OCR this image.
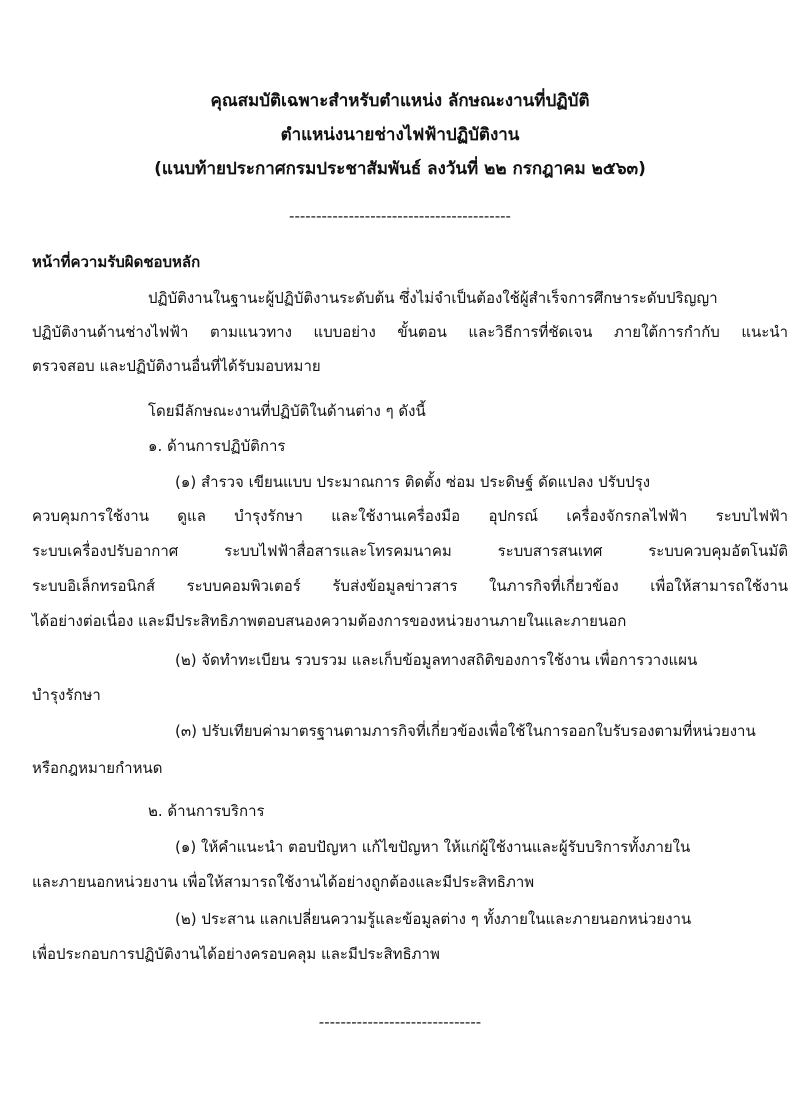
คุณสมบัติเฉพาะสำหรับตำแหน่ง ลักษณะงานที่ปฏิบัติ
ตำแหน่งนายช่างไฟฟ้าปฏิบัติงาน
(แนบท้ายประกาศกรมประชาสัมพันธ์ ลงวันที่ ๒๒ กรกฎาคม ๒๕๖๓)
-----------------------------------------
หน้าที่ความรับผิดชอบหลัก
ปฏิบัติงานในฐานะผู้ปฏิบัติงานระดับต้น ซึ่งไม่จำเป็นต้องใช้ผู้สำเร็จการศึกษาระดับปริญญา
ปฏิบัติงานด้านช่างไฟฟ้า ตามแนวทาง แบบอย่าง ขั้นตอน และวิธีการที่ชัดเจน ภายใต้การกำกับ แนะนำ
ตรวจสอบ และปฏิบัติงานอื่นที่ได้รับมอบหมาย
โดยมีลักษณะงานที่ปฏิบัติในด้านต่าง ๆ ดังนี้
๑. ด้านการปฏิบัติการ
(๑) สำรวจ เขียนแบบ ประมาณการ ติดตั้ง ซ่อม ประดิษฐ์ ดัดแปลง ปรับปรุง
ควบคุมการใช้งาน ดูแล บำรุงรักษา และใช้งานเครื่องมือ อุปกรณ์ เครื่องจักรกลไฟฟ้า ระบบไฟฟ้า
ระบบเครื่องปรับอากาศ ระบบไฟฟ้าสื่อสารและโทรคมนาคม ระบบสารสนเทศ ระบบควบคุมอัตโนมัติ
ระบบอิเล็กทรอนิกส์ ระบบคอมพิวเตอร์ รับส่งข้อมูลข่าวสาร ในภารกิจที่เกี่ยวข้อง เพื่อให้สามารถใช้งาน
ได้อย่างต่อเนื่อง และมีประสิทธิภาพตอบสนองความต้องการของหน่วยงานภายในและภายนอก
(๒) จัดทำทะเบียน รวบรวม และเก็บข้อมูลทางสถิติของการใช้งาน เพื่อการวางแผน
บำรุงรักษา
(๓) ปรับเทียบค่ามาตรฐานตามภารกิจที่เกี่ยวข้องเพื่อใช้ในการออกใบรับรองตามที่หน่วยงาน
หรือกฎหมายกำหนด
๒. ด้านการบริการ
(๑) ให้คำแนะนำ ตอบปัญหา แก้ไขปัญหา ให้แก่ผู้ใช้งานและผู้รับบริการทั้งภายใน
และภายนอกหน่วยงาน เพื่อให้สามารถใช้งานได้อย่างถูกต้องและมีประสิทธิภาพ
(๒) ประสาน แลกเปลี่ยนความรู้และข้อมูลต่าง ๆ ทั้งภายในและภายนอกหน่วยงาน
เพื่อประกอบการปฏิบัติงานได้อย่างครอบคลุม และมีประสิทธิภาพ
------------------------------
